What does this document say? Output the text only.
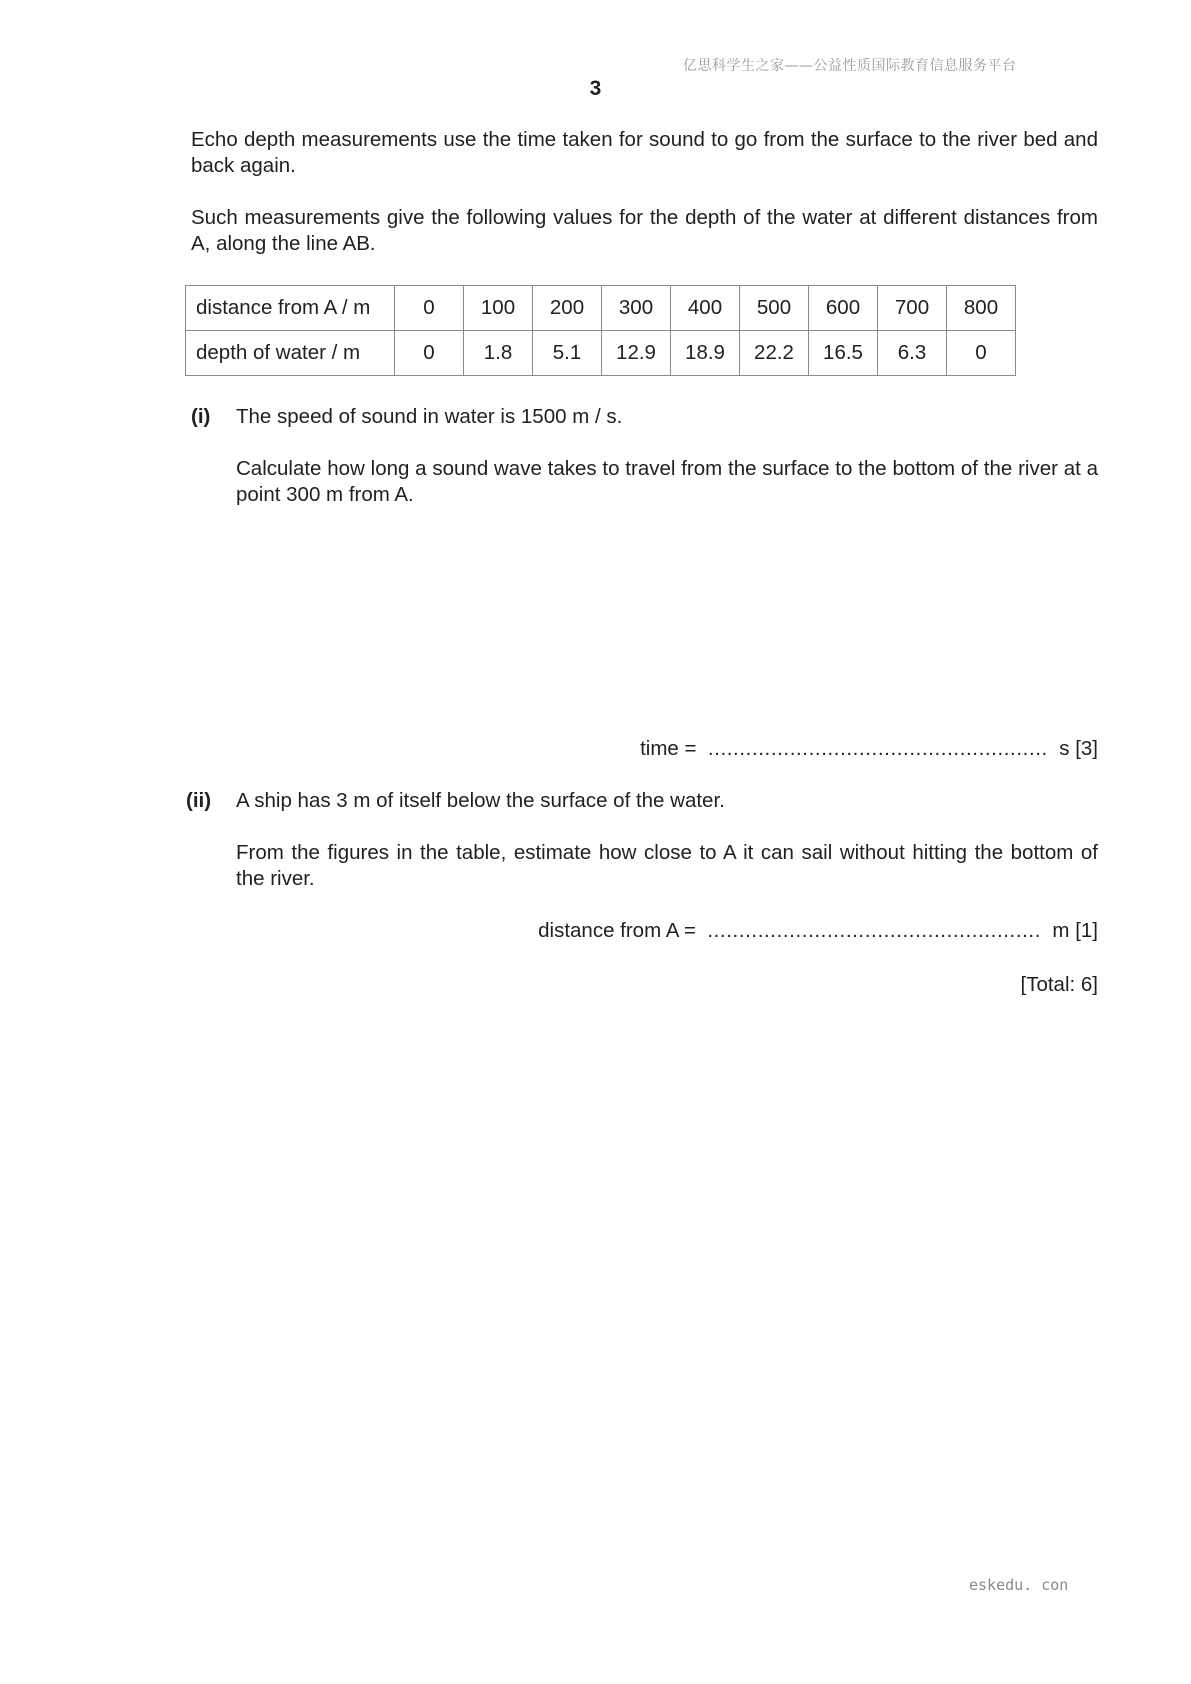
亿思科学生之家——公益性质国际教育信息服务平台
3
Echo depth measurements use the time taken for sound to go from the surface to the river bed and back again.
Such measurements give the following values for the depth of the water at different distances from A, along the line AB.
distance from A / m	0	100	200	300	400	500	600	700	800
depth of water / m	0	1.8	5.1	12.9	18.9	22.2	16.5	6.3	0
(i) The speed of sound in water is 1500 m / s.
Calculate how long a sound wave takes to travel from the surface to the bottom of the river at a point 300 m from A.
time = ...................................................... s [3]
(ii) A ship has 3 m of itself below the surface of the water.
From the figures in the table, estimate how close to A it can sail without hitting the bottom of the river.
distance from A = ..................................................... m [1]
[Total: 6]
eskedu. con
